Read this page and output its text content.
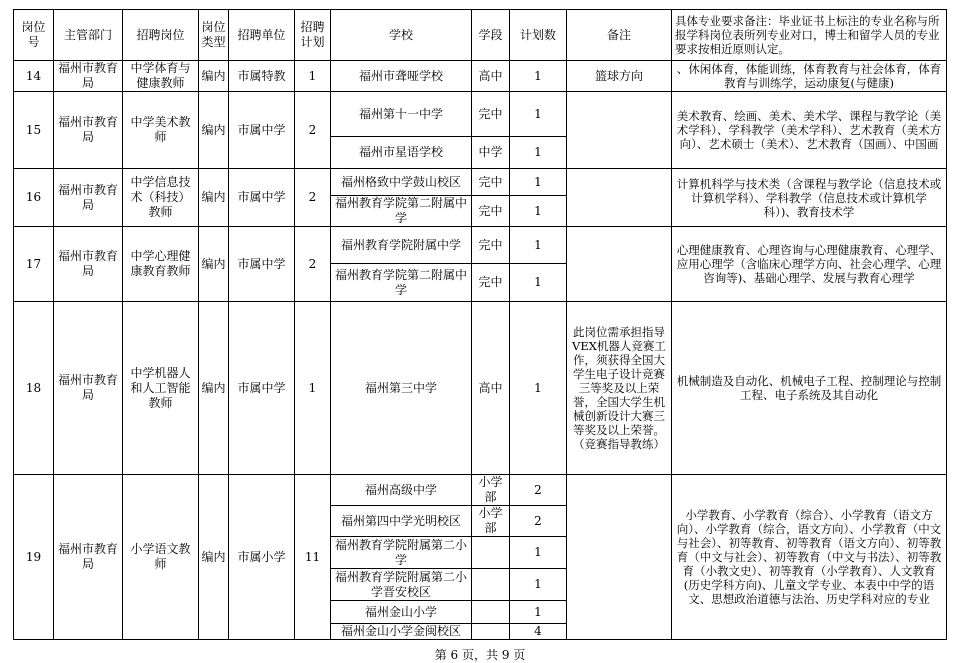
岗位号	主管部门	招聘岗位	岗位类型	招聘单位	招聘计划	学校	学段	计划数	备注	具体专业要求备注：毕业证书上标注的专业名称与所报学科岗位表所列专业对口，博士和留学人员的专业要求按相近原则认定。
14	福州市教育局	中学体育与健康教师	编内	市属特教	1	福州市聋哑学校	高中	1	篮球方向	、休闲体育，体能训练，体育教育与社会体育，体育教育与训练学，运动康复(与健康)
15	福州市教育局	中学美术教师	编内	市属中学	2	福州第十一中学	完中	1		美术教育、绘画、美术、美术学、课程与教学论（美术学科）、学科教学（美术学科）、艺术教育（美术方向）、艺术硕士（美术）、艺术教育（国画）、中国画
						福州市星语学校	中学	1		
16	福州市教育局	中学信息技术（科技）教师	编内	市属中学	2	福州格致中学鼓山校区	完中	1		计算机科学与技术类（含课程与教学论（信息技术或计算机学科）、学科教学（信息技术或计算机学科）)、教育技术学
						福州教育学院第二附属中学	完中	1		
17	福州市教育局	中学心理健康教育教师	编内	市属中学	2	福州教育学院附属中学	完中	1		心理健康教育、心理咨询与心理健康教育、心理学、应用心理学（含临床心理学方向、社会心理学、心理咨询等)、基础心理学、发展与教育心理学
						福州教育学院第二附属中学	完中	1		
18	福州市教育局	中学机器人和人工智能教师	编内	市属中学	1	福州第三中学	高中	1	此岗位需承担指导VEX机器人竞赛工作，须获得全国大学生电子设计竞赛三等奖及以上荣誉，全国大学生机械创新设计大赛三等奖及以上荣誉。（竞赛指导教练）	机械制造及自动化、机械电子工程、控制理论与控制工程、电子系统及其自动化
19	福州市教育局	小学语文教师	编内	市属小学	11	福州高级中学	小学部	2		小学教育、小学教育（综合）、小学教育（语文方向）、小学教育（综合，语文方向）、小学教育（中文与社会）、初等教育、初等教育（语文方向）、初等教育（中文与社会）、初等教育（中文与书法）、初等教育（小教文史）、初等教育（小学教育）、人文教育(历史学科方向)、儿童文学专业、本表中中学的语文、思想政治道德与法治、历史学科对应的专业
						福州第四中学光明校区	小学部	2		
						福州教育学院附属第二小学		1		
						福州教育学院附属第二小学晋安校区		1		
						福州金山小学		1		
						福州金山小学金闽校区		4		
第 6 页，共 9 页
